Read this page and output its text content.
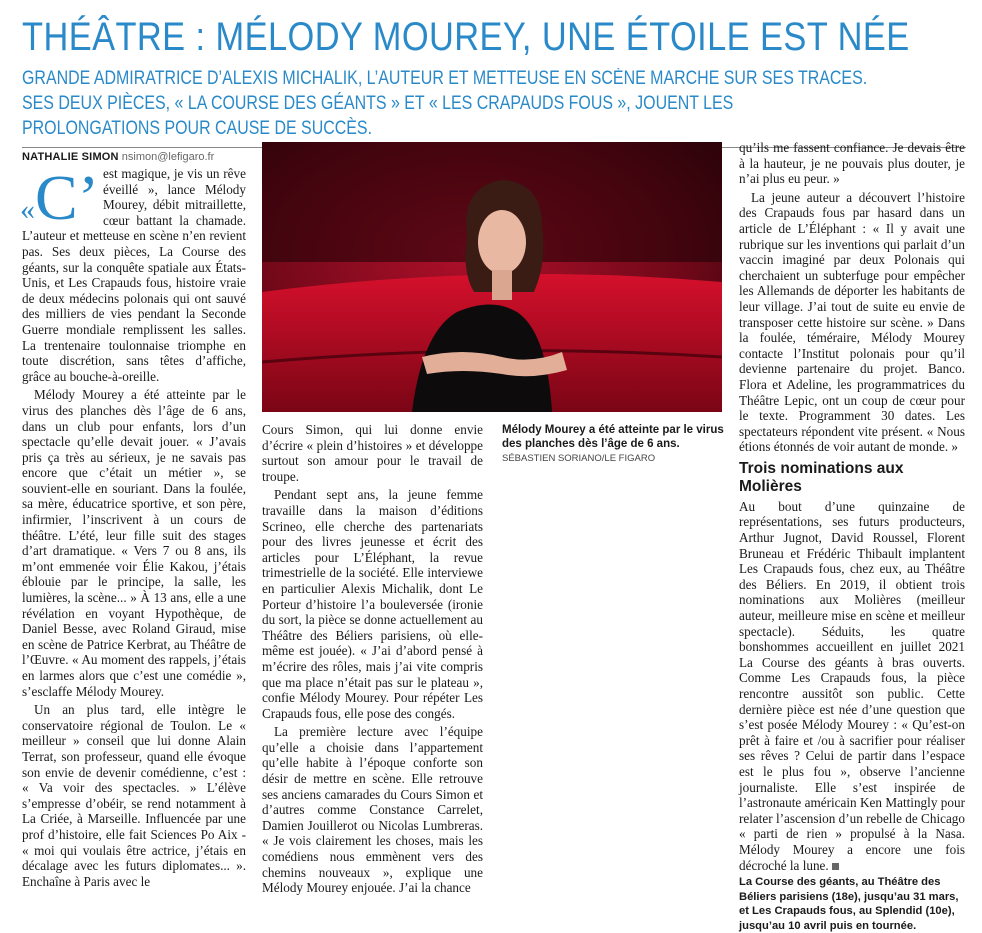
THÉÂTRE : MÉLODY MOUREY, UNE ÉTOILE EST NÉE

GRANDE ADMIRATRICE D’ALEXIS MICHALIK, L’AUTEUR ET METTEUSE EN SCÈNE MARCHE SUR SES TRACES. SES DEUX PIÈCES, « LA COURSE DES GÉANTS » ET « LES CRAPAUDS FOUS », JOUENT LES PROLONGATIONS POUR CAUSE DE SUCCÈS.

NATHALIE SIMON nsimon@lefigaro.fr

«C’ est magique, je vis un rêve éveillé », lance Mélody Mourey, débit mitraillette, cœur battant la chamade. L’auteur et metteuse en scène n’en revient pas. Ses deux pièces, La Course des géants, sur la conquête spatiale aux États-Unis, et Les Crapauds fous, histoire vraie de deux médecins polonais qui ont sauvé des milliers de vies pendant la Seconde Guerre mondiale remplissent les salles. La trentenaire toulonnaise triomphe en toute discrétion, sans têtes d’affiche, grâce au bouche-à-oreille.

Mélody Mourey a été atteinte par le virus des planches dès l’âge de 6 ans, dans un club pour enfants, lors d’un spectacle qu’elle devait jouer. « J’avais pris ça très au sérieux, je ne savais pas encore que c’était un métier », se souvient-elle en souriant. Dans la foulée, sa mère, éducatrice sportive, et son père, infirmier, l’inscrivent à un cours de théâtre. L’été, leur fille suit des stages d’art dramatique. « Vers 7 ou 8 ans, ils m’ont emmenée voir Élie Kakou, j’étais éblouie par le principe, la salle, les lumières, la scène... » À 13 ans, elle a une révélation en voyant Hypothèque, de Daniel Besse, avec Roland Giraud, mise en scène de Patrice Kerbrat, au Théâtre de l’Œuvre. « Au moment des rappels, j’étais en larmes alors que c’est une comédie », s’esclaffe Mélody Mourey.

Un an plus tard, elle intègre le conservatoire régional de Toulon. Le « meilleur » conseil que lui donne Alain Terrat, son professeur, quand elle évoque son envie de devenir comédienne, c’est : « Va voir des spectacles. » L’élève s’empresse d’obéir, se rend notamment à La Criée, à Marseille. Influencée par une prof d’histoire, elle fait Sciences Po Aix - « moi qui voulais être actrice, j’étais en décalage avec les futurs diplomates... ». Enchaîne à Paris avec le

Mélody Mourey a été atteinte par le virus des planches dès l’âge de 6 ans. SÉBASTIEN SORIANO/LE FIGARO

Cours Simon, qui lui donne envie d’écrire « plein d’histoires » et développe surtout son amour pour le travail de troupe.

Pendant sept ans, la jeune femme travaille dans la maison d’éditions Scrineo, elle cherche des partenariats pour des livres jeunesse et écrit des articles pour L’Éléphant, la revue trimestrielle de la société. Elle interviewe en particulier Alexis Michalik, dont Le Porteur d’histoire l’a bouleversée (ironie du sort, la pièce se donne actuellement au Théâtre des Béliers parisiens, où elle-même est jouée). « J’ai d’abord pensé à m’écrire des rôles, mais j’ai vite compris que ma place n’était pas sur le plateau », confie Mélody Mourey. Pour répéter Les Crapauds fous, elle pose des congés.

La première lecture avec l’équipe qu’elle a choisie dans l’appartement qu’elle habite à l’époque conforte son désir de mettre en scène. Elle retrouve ses anciens camarades du Cours Simon et d’autres comme Constance Carrelet, Damien Jouillerot ou Nicolas Lumbreras. « Je vois clairement les choses, mais les comédiens nous emmènent vers des chemins nouveaux », explique une Mélody Mourey enjouée. J’ai la chance

qu’ils me fassent confiance. Je devais être à la hauteur, je ne pouvais plus douter, je n’ai plus eu peur. »

La jeune auteur a découvert l’histoire des Crapauds fous par hasard dans un article de L’Éléphant : « Il y avait une rubrique sur les inventions qui parlait d’un vaccin imaginé par deux Polonais qui cherchaient un subterfuge pour empêcher les Allemands de déporter les habitants de leur village. J’ai tout de suite eu envie de transposer cette histoire sur scène. » Dans la foulée, téméraire, Mélody Mourey contacte l’Institut polonais pour qu’il devienne partenaire du projet. Banco. Flora et Adeline, les programmatrices du Théâtre Lepic, ont un coup de cœur pour le texte. Programment 30 dates. Les spectateurs répondent vite présent. « Nous étions étonnés de voir autant de monde. »

Trois nominations aux Molières

Au bout d’une quinzaine de représentations, ses futurs producteurs, Arthur Jugnot, David Roussel, Florent Bruneau et Frédéric Thibault implantent Les Crapauds fous, chez eux, au Théâtre des Béliers. En 2019, il obtient trois nominations aux Molières (meilleur auteur, meilleure mise en scène et meilleur spectacle). Séduits, les quatre bonshommes accueillent en juillet 2021 La Course des géants à bras ouverts. Comme Les Crapauds fous, la pièce rencontre aussitôt son public. Cette dernière pièce est née d’une question que s’est posée Mélody Mourey : « Qu’est-on prêt à faire et /ou à sacrifier pour réaliser ses rêves ? Celui de partir dans l’espace est le plus fou », observe l’ancienne journaliste. Elle s’est inspirée de l’astronaute américain Ken Mattingly pour relater l’ascension d’un rebelle de Chicago « parti de rien » propulsé à la Nasa. Mélody Mourey a encore une fois décroché la lune.

La Course des géants, au Théâtre des Béliers parisiens (18e), jusqu’au 31 mars,
et Les Crapauds fous, au Splendid (10e), jusqu’au 10 avril puis en tournée.
